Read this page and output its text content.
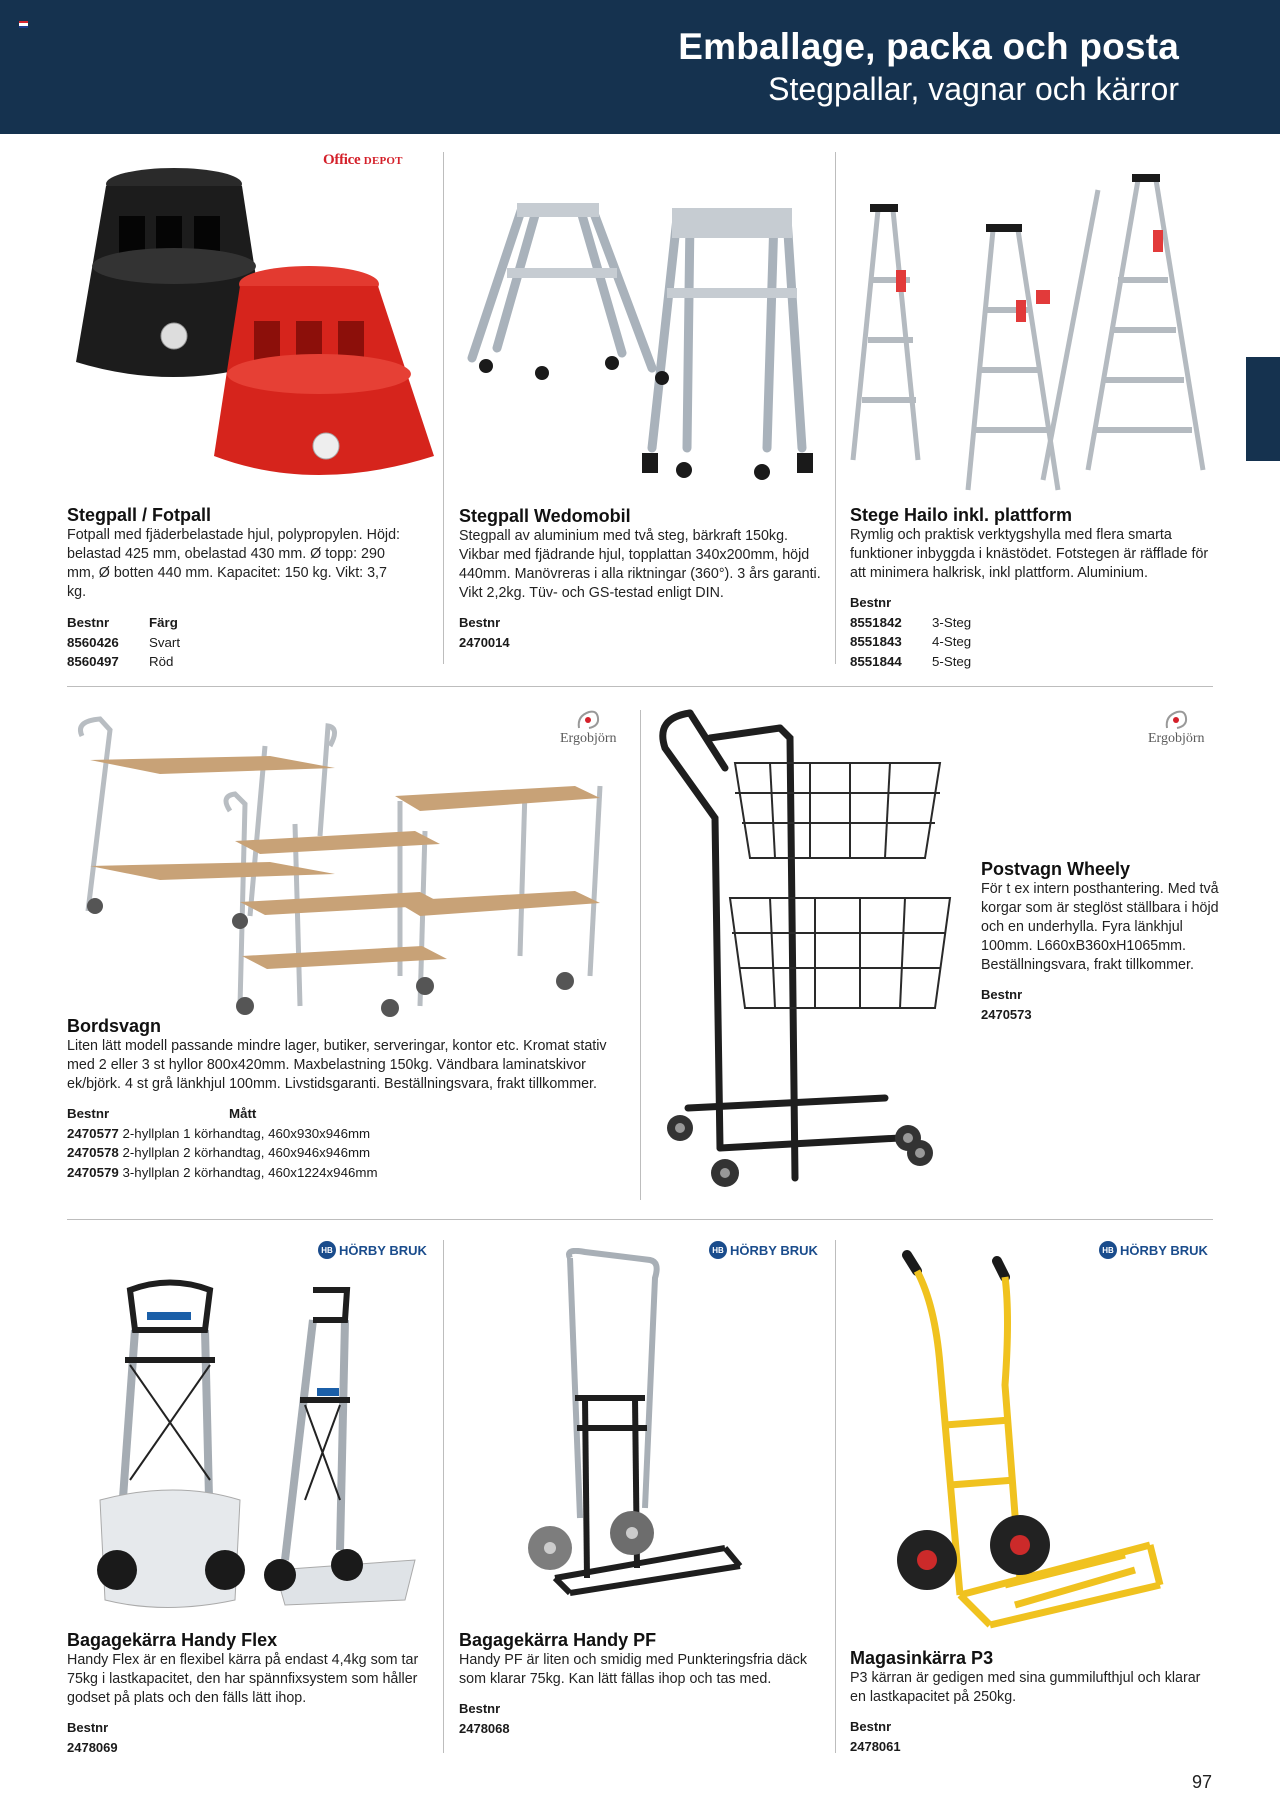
Emballage, packa och posta
Stegpallar, vagnar och kärror
Office DEPOT
Stegpall / Fotpall
Fotpall med fjäderbelastade hjul, polypropylen. Höjd: belastad 425 mm, obelastad 430 mm. Ø topp: 290 mm, Ø botten 440 mm. Kapacitet: 150 kg. Vikt: 3,7 kg.
Bestnr	Färg
8560426	Svart
8560497	Röd
Stegpall Wedomobil
Stegpall av aluminium med två steg, bärkraft 150kg. Vikbar med fjädrande hjul, topplattan 340x200mm, höjd 440mm. Manövreras i alla riktningar (360°). 3 års garanti. Vikt 2,2kg. Tüv- och GS-testad enligt DIN.
Bestnr
2470014
Stege Hailo inkl. plattform
Rymlig och praktisk verktygshylla med flera smarta funktioner inbyggda i knästödet. Fotstegen är räfflade för att minimera halkrisk, inkl plattform. Aluminium.
Bestnr
8551842	3-Steg
8551843	4-Steg
8551844	5-Steg
Ergobjörn
Bordsvagn
Liten lätt modell passande mindre lager, butiker, serveringar, kontor etc. Kromat stativ med 2 eller 3 st hyllor 800x420mm. Maxbelastning 150kg. Vändbara laminatskivor ek/björk. 4 st grå länkhjul 100mm. Livstidsgaranti. Beställningsvara, frakt tillkommer.
Bestnr	Mått
2470577 2-hyllplan 1 körhandtag, 460x930x946mm
2470578 2-hyllplan 2 körhandtag, 460x946x946mm
2470579 3-hyllplan 2 körhandtag, 460x1224x946mm
Ergobjörn
Postvagn Wheely
För t ex intern posthantering. Med två korgar som är steglöst ställbara i höjd och en underhylla. Fyra länkhjul 100mm. L660xB360xH1065mm. Beställningsvara, frakt tillkommer.
Bestnr
2470573
HB HÖRBY BRUK
Bagagekärra Handy Flex
Handy Flex är en flexibel kärra på endast 4,4kg som tar 75kg i lastkapacitet, den har spännfixsystem som håller godset på plats och den fälls lätt ihop.
Bestnr
2478069
HB HÖRBY BRUK
Bagagekärra Handy PF
Handy PF är liten och smidig med Punkteringsfria däck som klarar 75kg. Kan lätt fällas ihop och tas med.
Bestnr
2478068
HB HÖRBY BRUK
Magasinkärra P3
P3 kärran är gedigen med sina gummilufthjul och klarar en lastkapacitet på 250kg.
Bestnr
2478061
97
